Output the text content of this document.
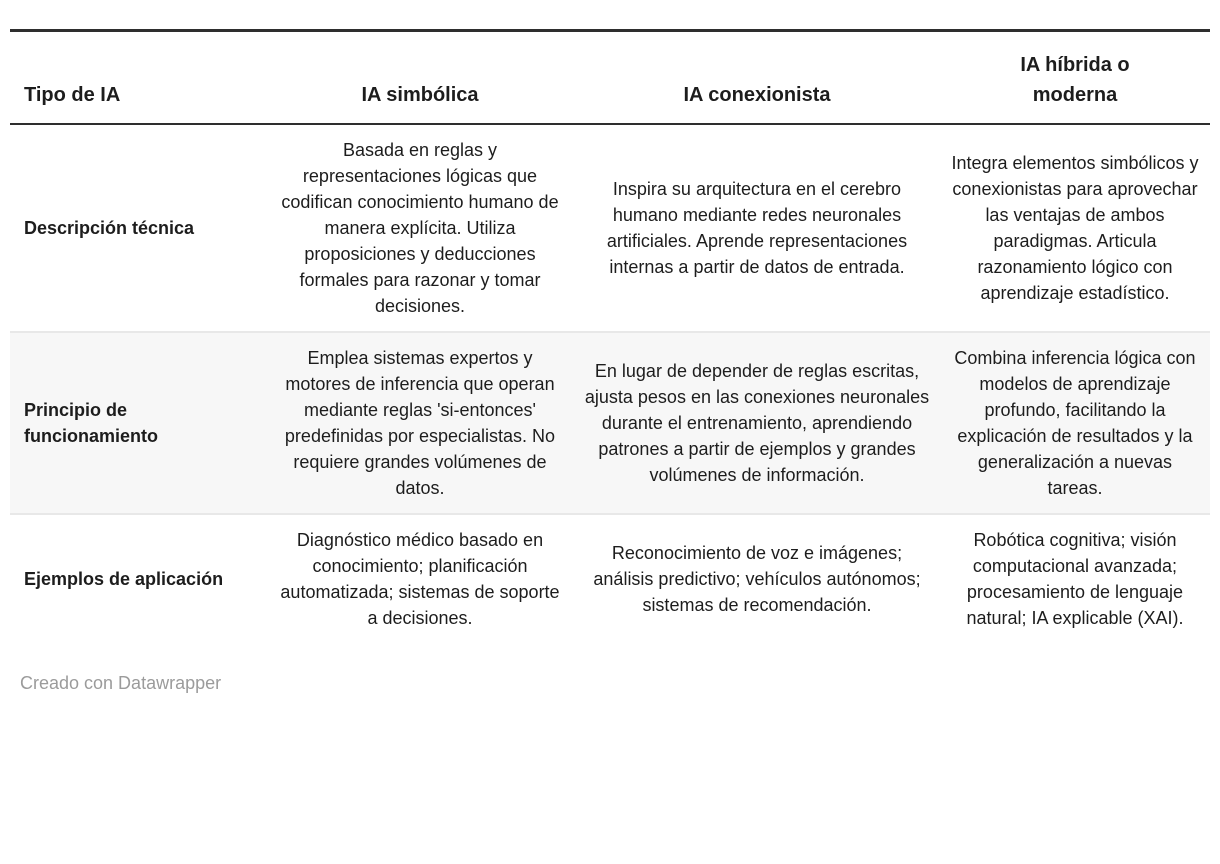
Tipo de IA	IA simbólica	IA conexionista	IA híbrida o moderna
Descripción técnica	Basada en reglas y representaciones lógicas que codifican conocimiento humano de manera explícita. Utiliza proposiciones y deducciones formales para razonar y tomar decisiones.	Inspira su arquitectura en el cerebro humano mediante redes neuronales artificiales. Aprende representaciones internas a partir de datos de entrada.	Integra elementos simbólicos y conexionistas para aprovechar las ventajas de ambos paradigmas. Articula razonamiento lógico con aprendizaje estadístico.
Principio de funcionamiento	Emplea sistemas expertos y motores de inferencia que operan mediante reglas 'si-entonces' predefinidas por especialistas. No requiere grandes volúmenes de datos.	En lugar de depender de reglas escritas, ajusta pesos en las conexiones neuronales durante el entrenamiento, aprendiendo patrones a partir de ejemplos y grandes volúmenes de información.	Combina inferencia lógica con modelos de aprendizaje profundo, facilitando la explicación de resultados y la generalización a nuevas tareas.
Ejemplos de aplicación	Diagnóstico médico basado en conocimiento; planificación automatizada; sistemas de soporte a decisiones.	Reconocimiento de voz e imágenes; análisis predictivo; vehículos autónomos; sistemas de recomendación.	Robótica cognitiva; visión computacional avanzada; procesamiento de lenguaje natural; IA explicable (XAI).
Creado con Datawrapper
